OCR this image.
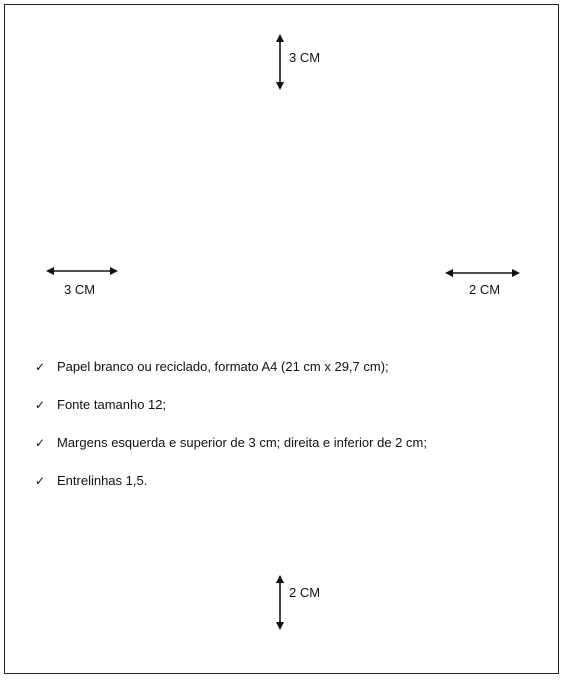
3 CM
3 CM	2 CM
2 CM
✓ Papel branco ou reciclado, formato A4 (21 cm x 29,7 cm);
✓ Fonte tamanho 12;
✓ Margens esquerda e superior de 3 cm; direita e inferior de 2 cm;
✓ Entrelinhas 1,5.
